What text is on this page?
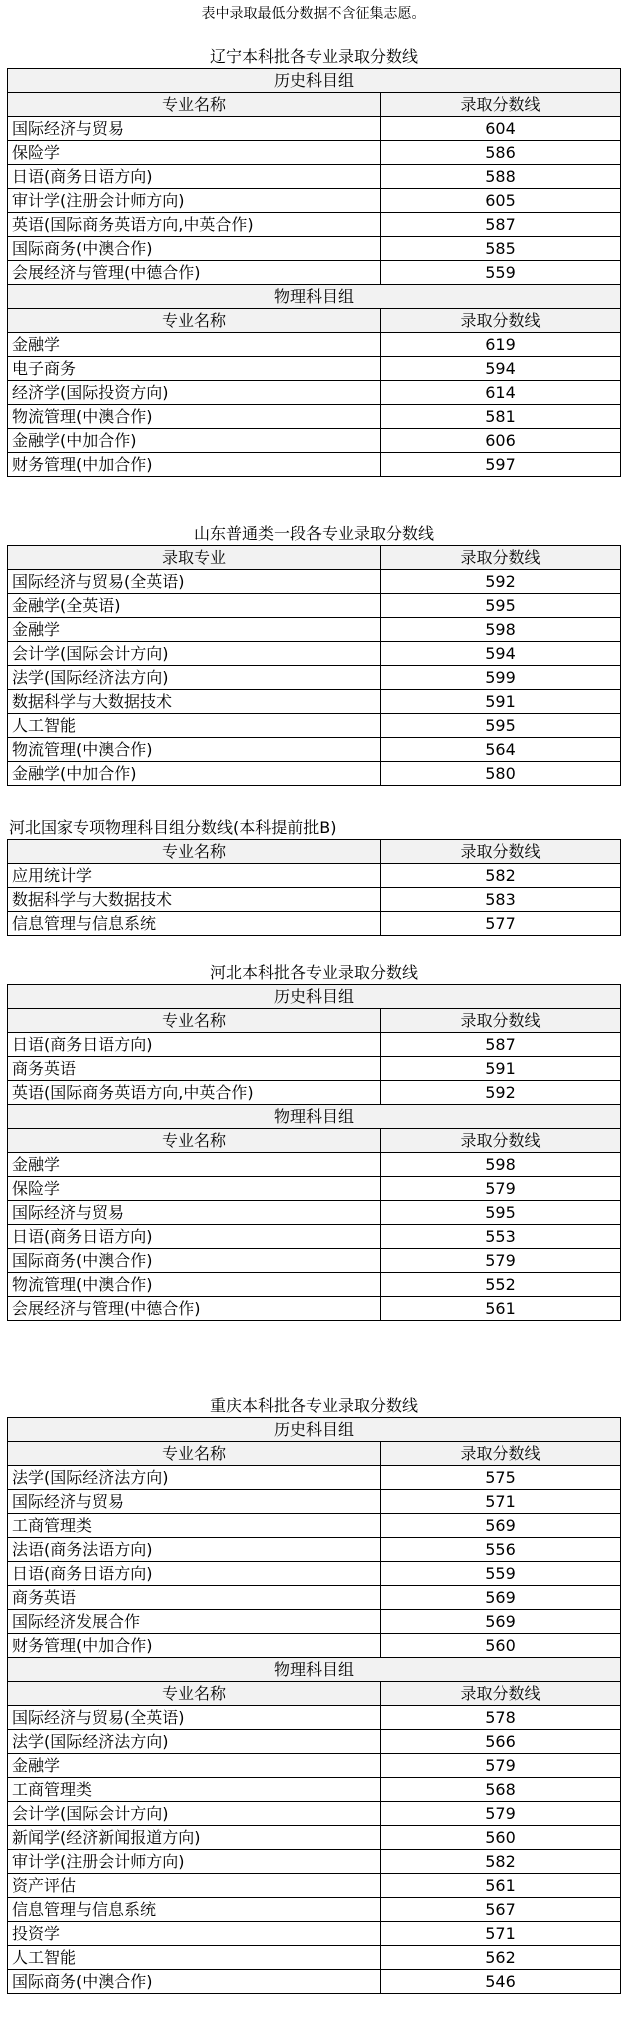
表中录取最低分数据不含征集志愿。
辽宁本科批各专业录取分数线
历史科目组	
专业名称	录取分数线
国际经济与贸易	604
保险学	586
日语(商务日语方向)	588
审计学(注册会计师方向)	605
英语(国际商务英语方向,中英合作)	587
国际商务(中澳合作)	585
会展经济与管理(中德合作)	559
物理科目组	
专业名称	录取分数线
金融学	619
电子商务	594
经济学(国际投资方向)	614
物流管理(中澳合作)	581
金融学(中加合作)	606
财务管理(中加合作)	597
山东普通类一段各专业录取分数线
录取专业	录取分数线
国际经济与贸易(全英语)	592
金融学(全英语)	595
金融学	598
会计学(国际会计方向)	594
法学(国际经济法方向)	599
数据科学与大数据技术	591
人工智能	595
物流管理(中澳合作)	564
金融学(中加合作)	580
河北国家专项物理科目组分数线(本科提前批B)
专业名称	录取分数线
应用统计学	582
数据科学与大数据技术	583
信息管理与信息系统	577
河北本科批各专业录取分数线
历史科目组	
专业名称	录取分数线
日语(商务日语方向)	587
商务英语	591
英语(国际商务英语方向,中英合作)	592
物理科目组	
专业名称	录取分数线
金融学	598
保险学	579
国际经济与贸易	595
日语(商务日语方向)	553
国际商务(中澳合作)	579
物流管理(中澳合作)	552
会展经济与管理(中德合作)	561
重庆本科批各专业录取分数线
历史科目组	
专业名称	录取分数线
法学(国际经济法方向)	575
国际经济与贸易	571
工商管理类	569
法语(商务法语方向)	556
日语(商务日语方向)	559
商务英语	569
国际经济发展合作	569
财务管理(中加合作)	560
物理科目组	
专业名称	录取分数线
国际经济与贸易(全英语)	578
法学(国际经济法方向)	566
金融学	579
工商管理类	568
会计学(国际会计方向)	579
新闻学(经济新闻报道方向)	560
审计学(注册会计师方向)	582
资产评估	561
信息管理与信息系统	567
投资学	571
人工智能	562
国际商务(中澳合作)	546
